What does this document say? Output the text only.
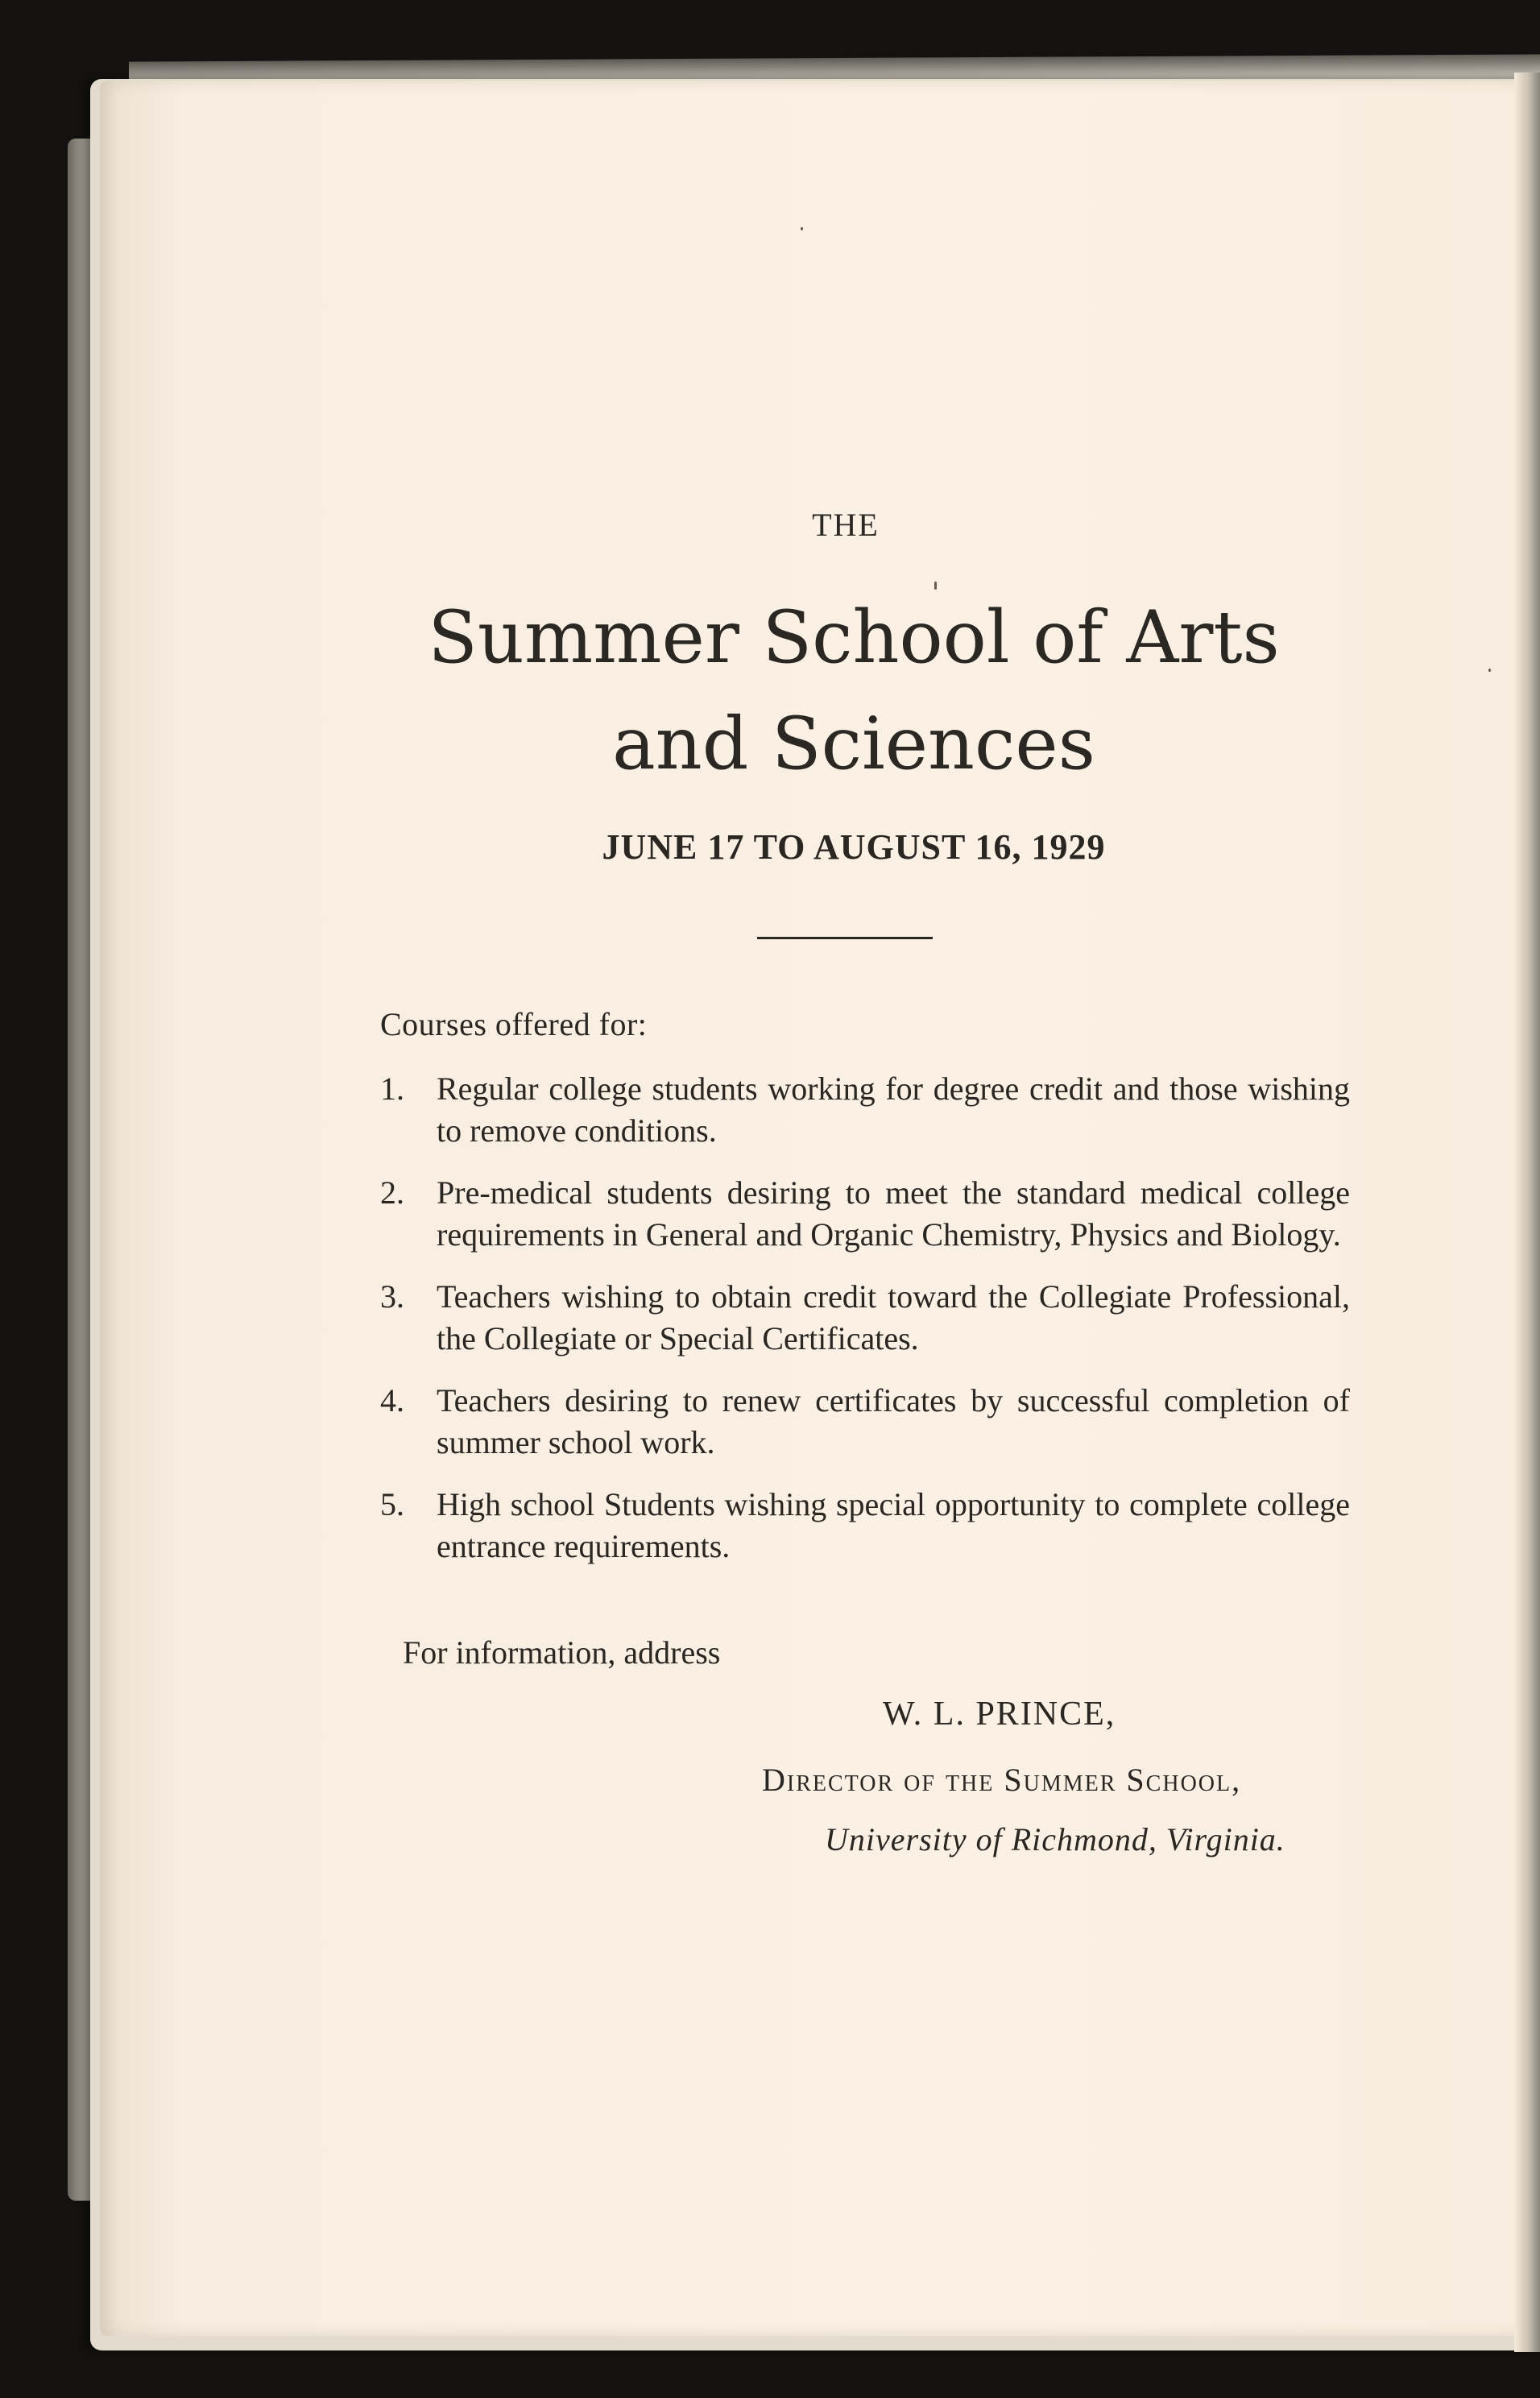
THE
Summer School of Arts
and Sciences
JUNE 17 TO AUGUST 16, 1929
Courses offered for:
1. Regular college students working for degree credit and those wishing to remove conditions.
2. Pre-medical students desiring to meet the standard medical college requirements in General and Organic Chemistry, Physics and Biology.
3. Teachers wishing to obtain credit toward the Collegiate Professional, the Collegiate or Special Certificates.
4. Teachers desiring to renew certificates by successful completion of summer school work.
5. High school Students wishing special opportunity to complete college entrance requirements.
For information, address
W. L. PRINCE,
Director of the Summer School,
University of Richmond, Virginia.
